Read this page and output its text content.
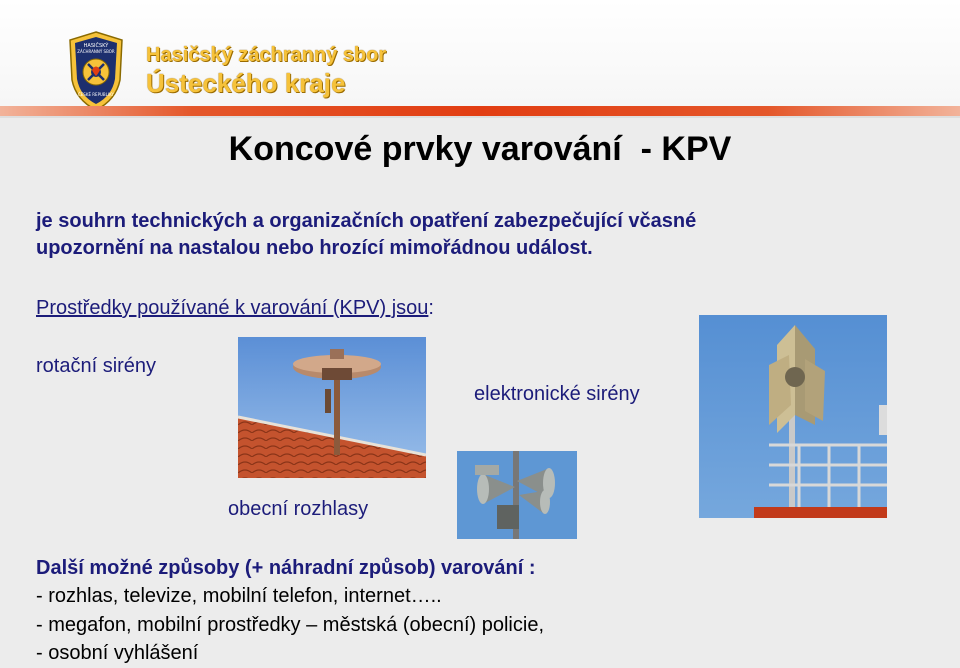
HASIČSKÝ
ZÁCHRANNÝ SBOR
ČESKÉ REPUBLIKY
Hasičský záchranný sbor
Ústeckého kraje
Koncové prvky varování  - KPV
je souhrn technických a organizačních opatření zabezpečující včasné
upozornění na nastalou nebo hrozící mimořádnou událost.
Prostředky používané k varování (KPV) jsou:
rotační sirény
elektronické sirény
obecní rozhlasy
Další možné způsoby (+ náhradní způsob) varování :
- rozhlas, televize, mobilní telefon, internet…..
- megafon, mobilní prostředky – městská (obecní) policie,
- osobní vyhlášení
